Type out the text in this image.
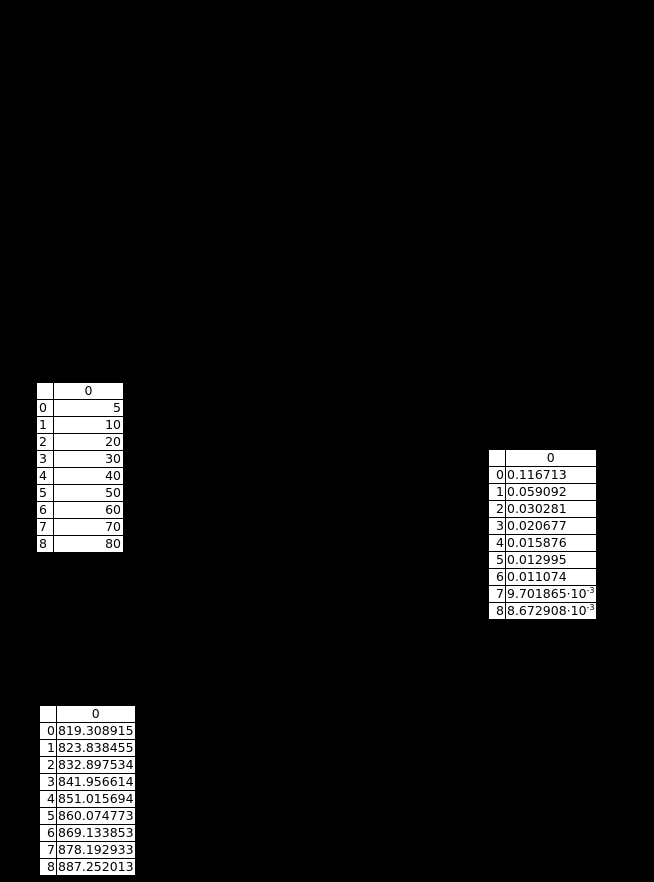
	0
0	5
1	10
2	20
3	30
4	40
5	50
6	60
7	70
8	80
	0
0	0.116713
1	0.059092
2	0.030281
3	0.020677
4	0.015876
5	0.012995
6	0.011074
7	$9.701865\cdot 10^{-3}$
8	$8.672908\cdot 10^{-3}$
	0
0	819.308915
1	823.838455
2	832.897534
3	841.956614
4	851.015694
5	860.074773
6	869.133853
7	878.192933
8	887.252013
